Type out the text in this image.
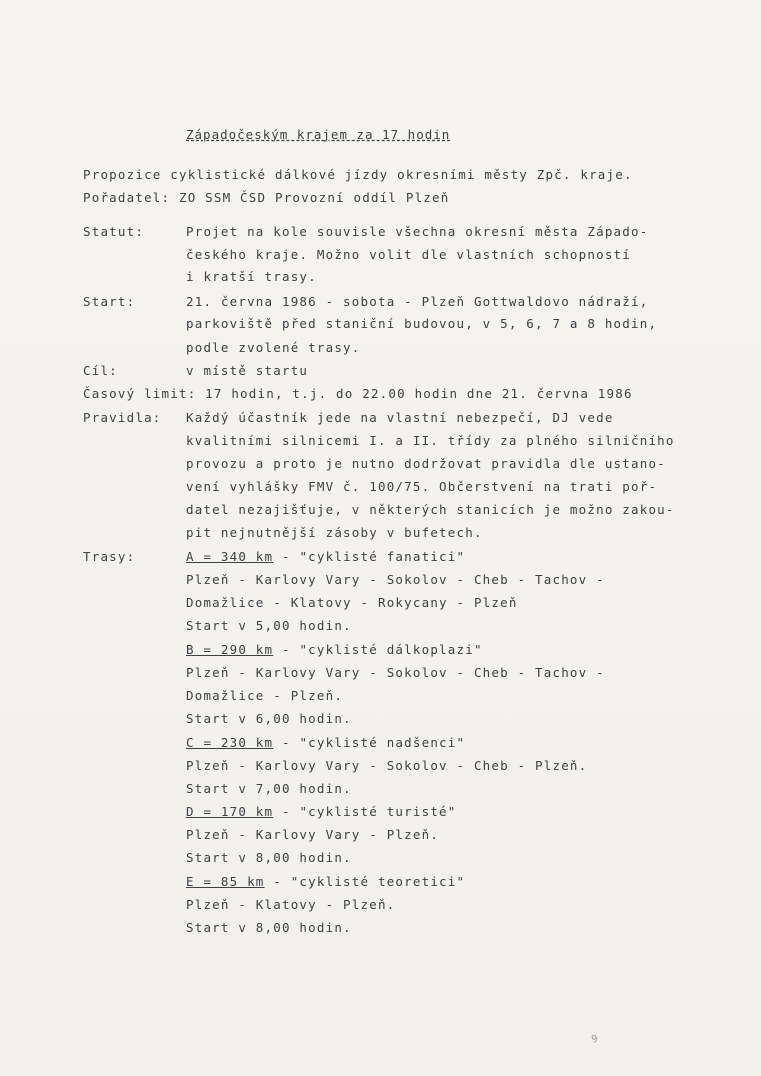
Západočeským krajem za 17 hodin
Propozice cyklistické dálkové jízdy okresními městy Zpč. kraje.
Pořadatel: ZO SSM ČSD Provozní oddíl Plzeň
Statut:	Projet na kole souvisle všechna okresní města Západo-
českého kraje. Možno volit dle vlastních schopností
i kratší trasy.
Start:	21. června 1986 - sobota - Plzeň Gottwaldovo nádraží,
parkoviště před staniční budovou, v 5, 6, 7 a 8 hodin,
podle zvolené trasy.
Cíl:	v místě startu
Časový limit: 17 hodin, t.j. do 22.00 hodin dne 21. června 1986
Pravidla: Každý účastník jede na vlastní nebezpečí, DJ vede
kvalitními silnicemi I. a II. třídy za plného silničního
provozu a proto je nutno dodržovat pravidla dle ustano-
vení vyhlášky FMV č. 100/75. Občerstvení na trati poř-
datel nezajišťuje, v některých stanicích je možno zakou-
pit nejnutnější zásoby v bufetech.
Trasy:	A = 340 km - "cyklisté fanatici"
Plzeň - Karlovy Vary - Sokolov - Cheb - Tachov -
Domažlice - Klatovy - Rokycany - Plzeň
Start v 5,00 hodin.
B = 290 km - "cyklisté dálkoplazi"
Plzeň - Karlovy Vary - Sokolov - Cheb - Tachov -
Domažlice - Plzeň.
Start v 6,00 hodin.
C = 230 km - "cyklisté nadšenci"
Plzeň - Karlovy Vary - Sokolov - Cheb - Plzeň.
Start v 7,00 hodin.
D = 170 km - "cyklisté turisté"
Plzeň - Karlovy Vary - Plzeň.
Start v 8,00 hodin.
E = 85 km - "cyklisté teoretici"
Plzeň - Klatovy - Plzeň.
Start v 8,00 hodin.
9
